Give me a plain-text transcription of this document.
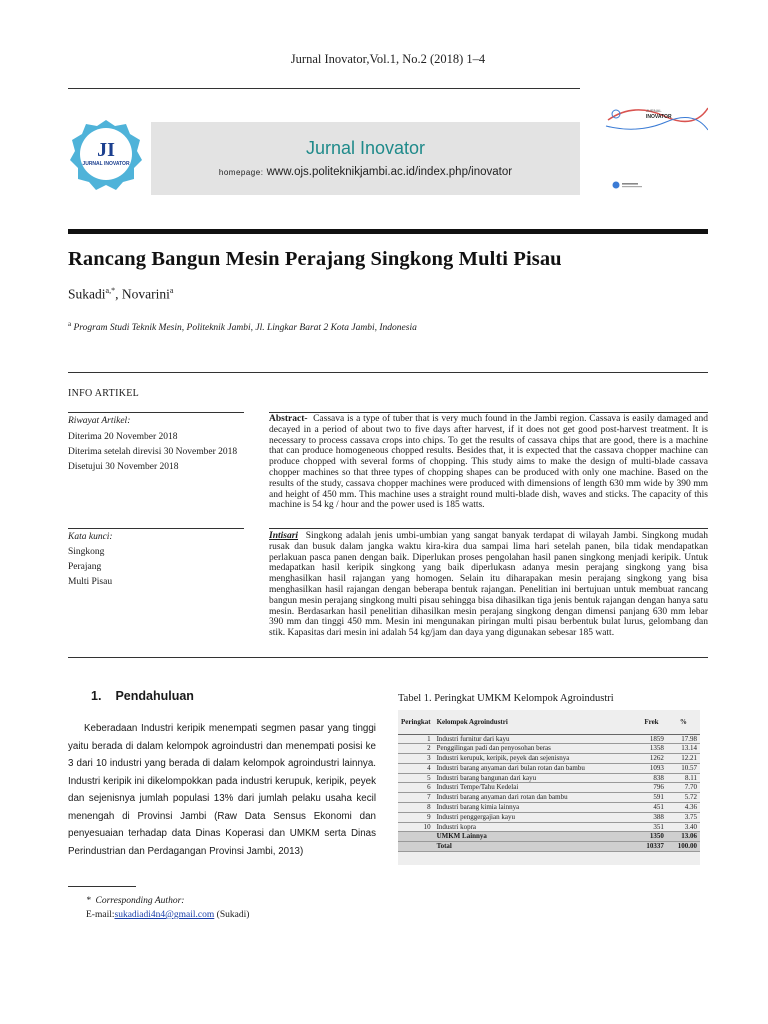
Jurnal Inovator,Vol.1, No.2 (2018) 1–4
JI
JURNAL INOVATOR
Jurnal Inovator
homepage: www.ojs.politeknikjambi.ac.id/index.php/inovator
JURNAL
INOVATOR
Rancang Bangun Mesin Perajang Singkong Multi Pisau
Sukadi$^{a,*}$, Novarini$^a$
$^a$ Program Studi Teknik Mesin, Politeknik Jambi, Jl. Lingkar Barat 2 Kota Jambi, Indonesia
INFO ARTIKEL
Riwayat Artikel:
Diterima 20 November 2018
Diterima setelah direvisi 30 November 2018
Disetujui 30 November 2018
Abstract- Cassava is a type of tuber that is very much found in the Jambi region. Cassava is easily damaged and decayed in a period of about two to five days after harvest, if it does not get good post-harvest treatment. It is necessary to process cassava crops into chips. To get the results of cassava chips that are good, there is a machine that can produce homogeneous chopped results. Besides that, it is expected that the cassava chopper machine can produce chopped with several forms of chopping. This study aims to make the design of multi-blade cassava chopper machines so that three types of chopping shapes can be produced with only one machine. Based on the results of the study, cassava chopper machines were produced with dimensions of length 630 mm wide by 390 mm and height of 450 mm. This machine uses a straight round multi-blade dish, waves and sticks. The capacity of this machine is 54 kg / hour and the power used is 185 watts.
Kata kunci:
Singkong
Perajang
Multi Pisau
Intisari Singkong adalah jenis umbi-umbian yang sangat banyak terdapat di wilayah Jambi. Singkong mudah rusak dan busuk dalam jangka waktu kira-kira dua sampai lima hari setelah panen, bila tidak mendapatkan perlakuan pasca panen dengan baik. Diperlukan proses pengolahan hasil panen singkong menjadi keripik. Untuk medapatkan hasil keripik singkong yang baik diperlukasn adanya mesin perajang singkong yang bisa menghasilkan hasil rajangan yang homogen. Selain itu diharapakan mesin perajang singkong yang bisa menghasilkan hasil rajangan dengan beberapa bentuk rajangan. Penelitian ini bertujuan untuk membuat rancang bangun mesin perajang singkong multi pisau sehingga bisa dihasilkan tiga jenis bentuk rajangan dengan hanya satu mesin. Berdasarkan hasil penelitian dihasilkan mesin perajang singkong dengan dimensi panjang 630 mm lebar 390 mm dan tinggi 450 mm. Mesin ini mengunakan piringan multi pisau berbentuk bulat lurus, gelombang dan stik. Kapasitas dari mesin ini adalah 54 kg/jam dan daya yang digunakan sebesar 185 watt.
1. Pendahuluan
Keberadaan Industri keripik menempati segmen pasar yang tinggi yaitu berada di dalam kelompok agroindustri dan menempati posisi ke 3 dari 10 industri yang berada di dalam kelompok agroindustri lainnya. Industri keripik ini dikelompokkan pada industri kerupuk, keripik, peyek dan sejenisnya jumlah populasi 13% dari jumlah pelaku usaha kecil menengah di Provinsi Jambi (Raw Data Sensus Ekonomi dan penyesuaian terhadap data Dinas Koperasi dan UMKM serta Dinas Perindustrian dan Perdagangan Provinsi Jambi, 2013)
Tabel 1. Peringkat UMKM Kelompok Agroindustri
Peringkat	Kelompok Agroindustri	Frek	%
1	Industri furnitur dari kayu	1859	17.98
2	Penggilingan padi dan penyosohan beras	1358	13.14
3	Industri kerupuk, keripik, peyek dan sejenisnya	1262	12.21
4	Industri barang anyaman dari bulan rotan dan bambu	1093	10.57
5	Industri barang bangunan dari kayu	838	8.11
6	Industri Tempe/Tahu Kedelai	796	7.70
7	Industri barang anyaman dari rotan dan bambu	591	5.72
8	Industri barang kimia lainnya	451	4.36
9	Industri penggergajian kayu	388	3.75
10	Industri kopra	351	3.40
	UMKM Lainnya	1350	13.06
	Total	10337	100.00
* Corresponding Author:
E-mail:sukadiadi4n4@gmail.com (Sukadi)
